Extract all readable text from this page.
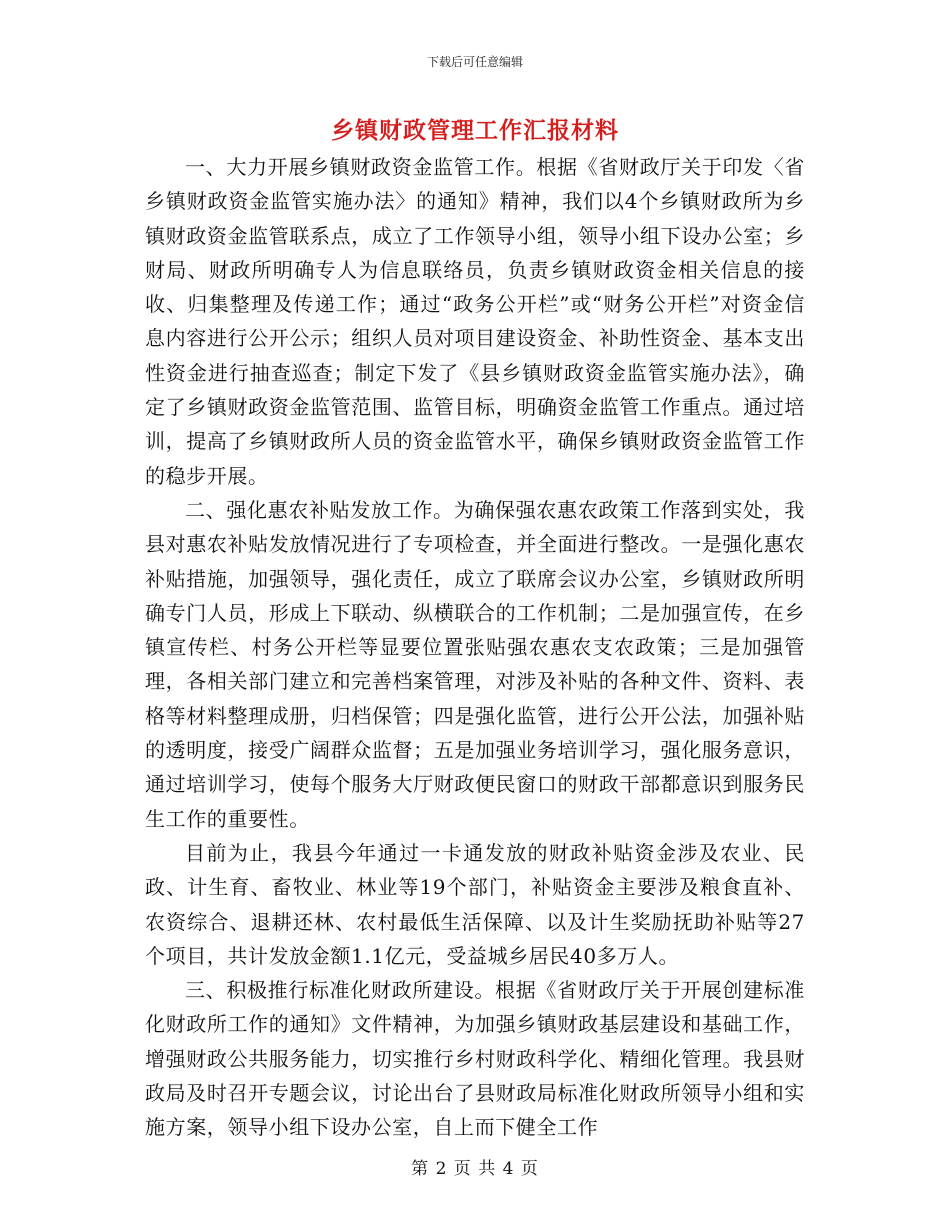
下载后可任意编辑
乡镇财政管理工作汇报材料

一、大力开展乡镇财政资金监管工作。根据《省财政厅关于印发〈省乡镇财政资金监管实施办法〉的通知》精神，我们以4个乡镇财政所为乡镇财政资金监管联系点，成立了工作领导小组，领导小组下设办公室；乡财局、财政所明确专人为信息联络员，负责乡镇财政资金相关信息的接收、归集整理及传递工作；通过“政务公开栏”或“财务公开栏”对资金信息内容进行公开公示；组织人员对项目建设资金、补助性资金、基本支出性资金进行抽查巡查；制定下发了《县乡镇财政资金监管实施办法》，确定了乡镇财政资金监管范围、监管目标，明确资金监管工作重点。通过培训，提高了乡镇财政所人员的资金监管水平，确保乡镇财政资金监管工作的稳步开展。

二、强化惠农补贴发放工作。为确保强农惠农政策工作落到实处，我县对惠农补贴发放情况进行了专项检查，并全面进行整改。一是强化惠农补贴措施，加强领导，强化责任，成立了联席会议办公室，乡镇财政所明确专门人员，形成上下联动、纵横联合的工作机制；二是加强宣传，在乡镇宣传栏、村务公开栏等显要位置张贴强农惠农支农政策；三是加强管理，各相关部门建立和完善档案管理，对涉及补贴的各种文件、资料、表格等材料整理成册，归档保管；四是强化监管，进行公开公法，加强补贴的透明度，接受广阔群众监督；五是加强业务培训学习，强化服务意识，通过培训学习，使每个服务大厅财政便民窗口的财政干部都意识到服务民生工作的重要性。

目前为止，我县今年通过一卡通发放的财政补贴资金涉及农业、民政、计生育、畜牧业、林业等19个部门，补贴资金主要涉及粮食直补、农资综合、退耕还林、农村最低生活保障、以及计生奖励抚助补贴等27个项目，共计发放金额1.1亿元，受益城乡居民40多万人。

三、积极推行标准化财政所建设。根据《省财政厅关于开展创建标准化财政所工作的通知》文件精神，为加强乡镇财政基层建设和基础工作，增强财政公共服务能力，切实推行乡村财政科学化、精细化管理。我县财政局及时召开专题会议，讨论出台了县财政局标准化财政所领导小组和实施方案，领导小组下设办公室，自上而下健全工作

第 2 页 共 4 页
